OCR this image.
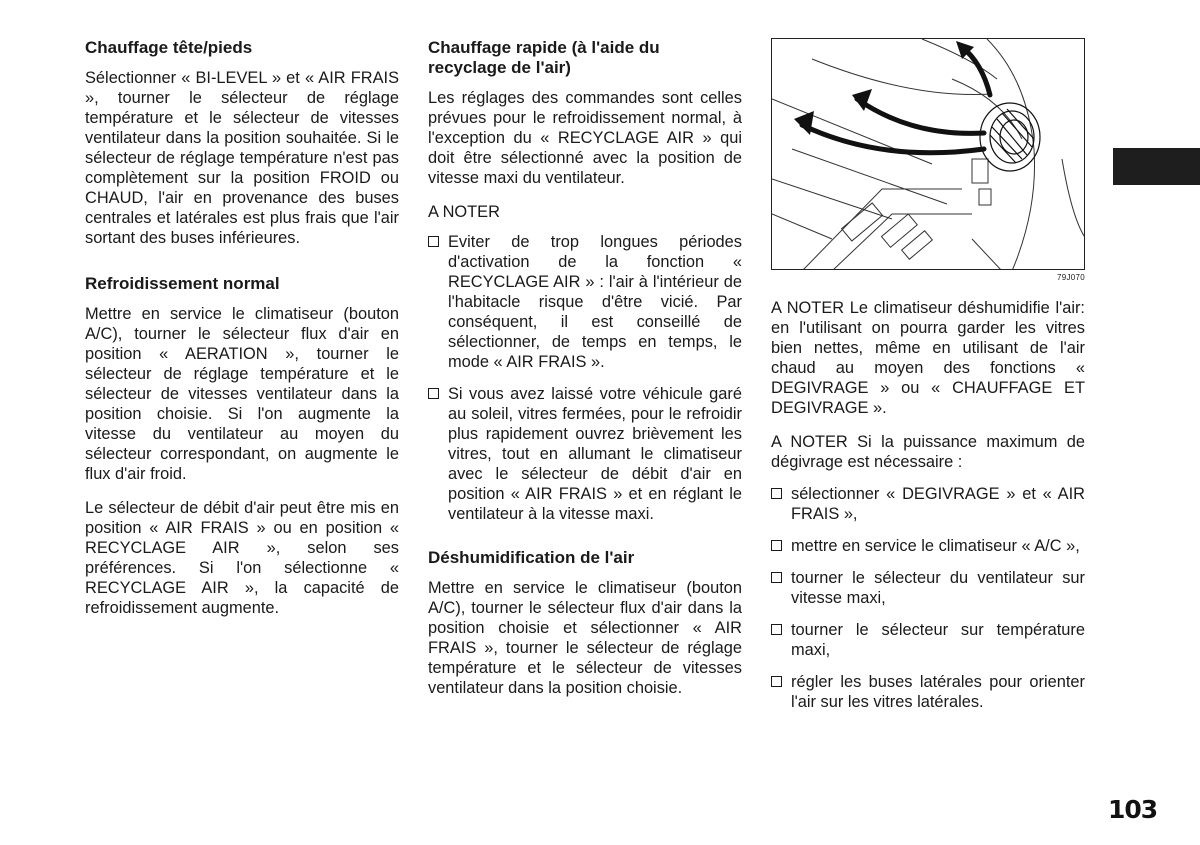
Chauffage tête/pieds

Sélectionner « BI-LEVEL » et « AIR FRAIS », tourner le sélecteur de réglage température et le sélecteur de vitesses ventilateur dans la position souhaitée. Si le sélecteur de réglage température n'est pas complètement sur la position FROID ou CHAUD, l'air en provenance des buses centrales et latérales est plus frais que l'air sortant des buses inférieures.

Refroidissement normal

Mettre en service le climatiseur (bouton A/C), tourner le sélecteur flux d'air en position « AERATION », tourner le sélecteur de réglage température et le sélecteur de vitesses ventilateur dans la position choisie. Si l'on augmente la vitesse du ventilateur au moyen du sélecteur correspondant, on augmente le flux d'air froid.

Le sélecteur de débit d'air peut être mis en position « AIR FRAIS » ou en position « RECYCLAGE AIR », selon ses préférences. Si l'on sélectionne « RECYCLAGE AIR », la capacité de refroidissement augmente.

Chauffage rapide (à l'aide du recyclage de l'air)

Les réglages des commandes sont celles prévues pour le refroidissement normal, à l'exception du « RECYCLAGE AIR » qui doit être sélectionné avec la position de vitesse maxi du ventilateur.

A NOTER

Eviter de trop longues périodes d'activation de la fonction « RECYCLAGE AIR » : l'air à l'intérieur de l'habitacle risque d'être vicié. Par conséquent, il est conseillé de sélectionner, de temps en temps, le mode « AIR FRAIS ».
Si vous avez laissé votre véhicule garé au soleil, vitres fermées, pour le refroidir plus rapidement ouvrez brièvement les vitres, tout en allumant le climatiseur avec le sélecteur de débit d'air en position « AIR FRAIS » et en réglant le ventilateur à la vitesse maxi.
Déshumidification de l'air

Mettre en service le climatiseur (bouton A/C), tourner le sélecteur flux d'air dans la position choisie et sélectionner « AIR FRAIS », tourner le sélecteur de réglage température et le sélecteur de vitesses ventilateur dans la position choisie.

79J070

A NOTER Le climatiseur déshumidifie l'air: en l'utilisant on pourra garder les vitres bien nettes, même en utilisant de l'air chaud au moyen des fonctions « DEGIVRAGE » ou « CHAUFFAGE ET DEGIVRAGE ».

A NOTER Si la puissance maximum de dégivrage est nécessaire :

sélectionner « DEGIVRAGE » et « AIR FRAIS »,
mettre en service le climatiseur « A/C »,
tourner le sélecteur du ventilateur sur vitesse maxi,
tourner le sélecteur sur température maxi,
régler les buses latérales pour orienter l'air sur les vitres latérales.
103
